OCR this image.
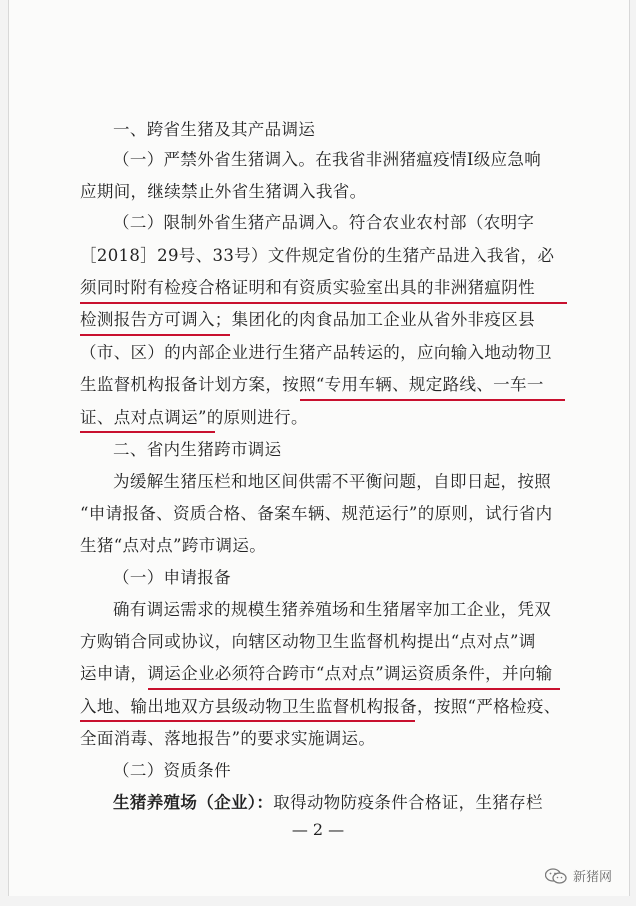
一、跨省生猪及其产品调运
（一）严禁外省生猪调入。在我省非洲猪瘟疫情Ⅰ级应急响
应期间，继续禁止外省生猪调入我省。
（二）限制外省生猪产品调入。符合农业农村部（农明字
［2018］29号、33号）文件规定省份的生猪产品进入我省，必
须同时附有检疫合格证明和有资质实验室出具的非洲猪瘟阴性
检测报告方可调入；集团化的肉食品加工企业从省外非疫区县
（市、区）的内部企业进行生猪产品转运的，应向输入地动物卫
生监督机构报备计划方案，按照“专用车辆、规定路线、一车一
证、点对点调运”的原则进行。
二、省内生猪跨市调运
为缓解生猪压栏和地区间供需不平衡问题，自即日起，按照
“申请报备、资质合格、备案车辆、规范运行”的原则，试行省内
生猪“点对点”跨市调运。
（一）申请报备
确有调运需求的规模生猪养殖场和生猪屠宰加工企业，凭双
方购销合同或协议，向辖区动物卫生监督机构提出“点对点”调
运申请，调运企业必须符合跨市“点对点”调运资质条件，并向输
入地、输出地双方县级动物卫生监督机构报备，按照“严格检疫、
全面消毒、落地报告”的要求实施调运。
（二）资质条件
生猪养殖场（企业）：取得动物防疫条件合格证，生猪存栏
— 2 —
新猪网
